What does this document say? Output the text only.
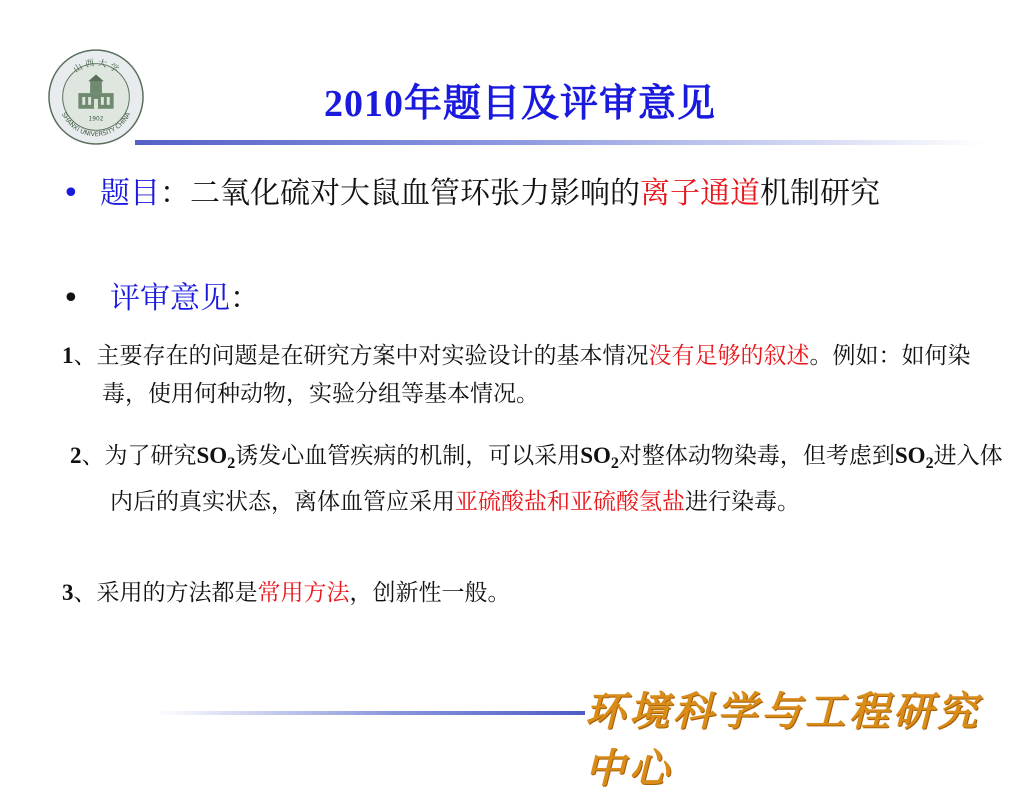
山 西 大 学
SHANXI UNIVERSITY CHINA
1902	2010年题目及评审意见
• 题目：二氧化硫对大鼠血管环张力影响的离子通道机制研究
•	评审意见：

1、主要存在的问题是在研究方案中对实验设计的基本情况没有足够的叙述。例如：如何染毒，使用何种动物，实验分组等基本情况。

2、为了研究$SO_2$诱发心血管疾病的机制，可以采用$SO_2$对整体动物染毒，但考虑到$SO_2$进入体内后的真实状态，离体血管应采用亚硫酸盐和亚硫酸氢盐进行染毒。

3、采用的方法都是常用方法，创新性一般。

环境科学与工程研究中心
